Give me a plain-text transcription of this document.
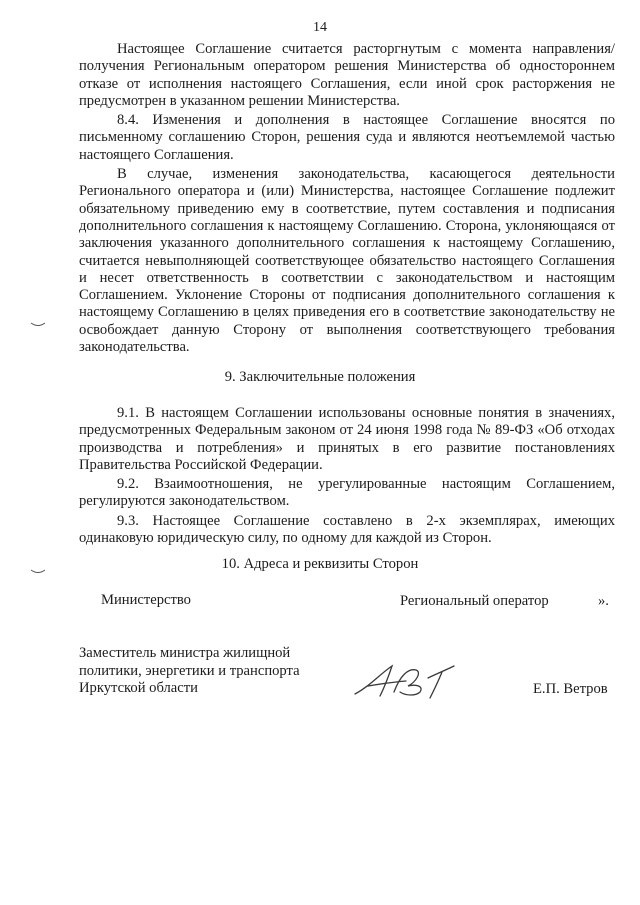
14

Настоящее Соглашение считается расторгнутым с момента направления/получения Региональным оператором решения Министерства об одностороннем отказе от исполнения настоящего Соглашения, если иной срок расторжения не предусмотрен в указанном решении Министерства.

8.4. Изменения и дополнения в настоящее Соглашение вносятся по письменному соглашению Сторон, решения суда и являются неотъемлемой частью настоящего Соглашения.

В случае, изменения законодательства, касающегося деятельности Регионального оператора и (или) Министерства, настоящее Соглашение подлежит обязательному приведению ему в соответствие, путем составления и подписания дополнительного соглашения к настоящему Соглашению. Сторона, уклоняющаяся от заключения указанного дополнительного соглашения к настоящему Соглашению, считается невыполняющей соответствующее обязательство настоящего Соглашения и несет ответственность в соответствии с законодательством и настоящим Соглашением. Уклонение Стороны от подписания дополнительного соглашения к настоящему Соглашению в целях приведения его в соответствие законодательству не освобождает данную Сторону от выполнения соответствующего требования законодательства.

9. Заключительные положения

9.1. В настоящем Соглашении использованы основные понятия в значениях, предусмотренных Федеральным законом от 24 июня 1998 года № 89-ФЗ «Об отходах производства и потребления» и принятых в его развитие постановлениях Правительства Российской Федерации.

9.2. Взаимоотношения, не урегулированные настоящим Соглашением, регулируются законодательством.

9.3. Настоящее Соглашение составлено в 2-х экземплярах, имеющих одинаковую юридическую силу, по одному для каждой из Сторон.

10. Адреса и реквизиты Сторон
Министерство	Региональный оператор	».
Заместитель министра жилищной
политики, энергетики и транспорта
Иркутской области	Е.П. Ветров
